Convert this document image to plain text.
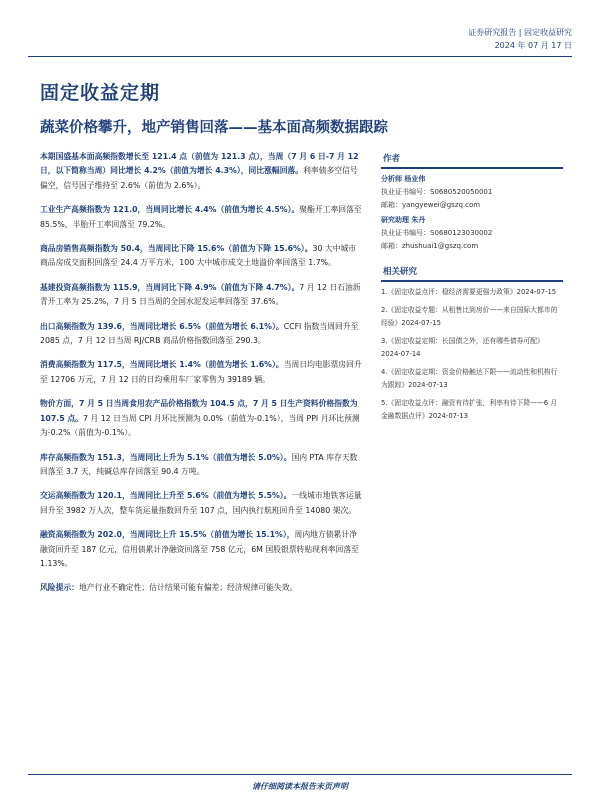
证券研究报告 | 固定收益研究
2024 年 07 月 17 日
固定收益定期
蔬菜价格攀升，地产销售回落——基本面高频数据跟踪

本期国盛基本面高频指数增长至 121.4 点（前值为 121.3 点），当周（7 月 6 日-7 月 12 日，以下简称当周）同比增长 4.2%（前值为增长 4.3%），同比涨幅回落。利率债多空信号偏空，信号因子维持至 2.6%（前值为 2.6%）。

工业生产高频指数为 121.0，当周同比增长 4.4%（前值为增长 4.5%）。聚酯开工率回落至 85.5%，半胎开工率回落至 79.2%。

商品房销售高频指数为 50.4，当周同比下降 15.6%（前值为下降 15.6%）。30 大中城市商品房成交面积回落至 24.4 万平方米，100 大中城市成交土地溢价率回落至 1.7%。

基建投资高频指数为 115.9，当周同比下降 4.9%（前值为下降 4.7%）。7 月 12 日石油沥青开工率为 25.2%，7 月 5 日当周的全国水泥发运率回落至 37.6%。

出口高频指数为 139.6，当周同比增长 6.5%（前值为增长 6.1%）。CCFI 指数当周回升至 2085 点，7 月 12 日当周 RJ/CRB 商品价格指数回落至 290.3。

消费高频指数为 117.5，当周同比增长 1.4%（前值为增长 1.6%）。当周日均电影票房回升至 12706 万元，7 月 12 日的日均乘用车厂家零售为 39189 辆。

物价方面，7 月 5 日当周食用农产品价格指数为 104.5 点，7 月 5 日生产资料价格指数为 107.5 点。7 月 12 日当周 CPI 月环比预测为 0.0%（前值为-0.1%），当周 PPI 月环比预测为-0.2%（前值为-0.1%）。

库存高频指数为 151.3，当周同比上升为 5.1%（前值为增长 5.0%）。国内 PTA 库存天数回落至 3.7 天，纯碱总库存回落至 90.4 万吨。

交运高频指数为 120.1，当周同比上升至 5.6%（前值为增长 5.5%）。一线城市地铁客运量回升至 3982 万人次，整车货运量指数回升至 107 点，国内执行航班回升至 14080 架次。

融资高频指数为 202.0，当周同比上升 15.5%（前值为增长 15.1%），周内地方债累计净融资回升至 187 亿元，信用债累计净融资回落至 758 亿元，6M 国股银票转贴现利率回落至 1.13%。

风险提示：地产行业不确定性；估计结果可能有偏差；经济规律可能失效。
作者
分析师 杨业伟
执业证书编号：S0680520050001
邮箱：yangyewei@gszq.com
研究助理 朱丹
执业证书编号：S0680123030002
邮箱：zhushuai1@gszq.com
相关研究
1.《固定收益点评：稳经济需要更强力政策》2024-07-15
2.《固定收益专题：从租售比到房价——来自国际大都市的经验》2024-07-15
3.《固定收益定期：长国债之外，还有哪些债券可配》2024-07-14
4.《固定收益定期：资金价格触达下限——流动性和机构行为跟踪》2024-07-13
5.《固定收益点评：融资有待扩张，利率有待下降——6 月金融数据点评》2024-07-13
请仔细阅读本报告末页声明
